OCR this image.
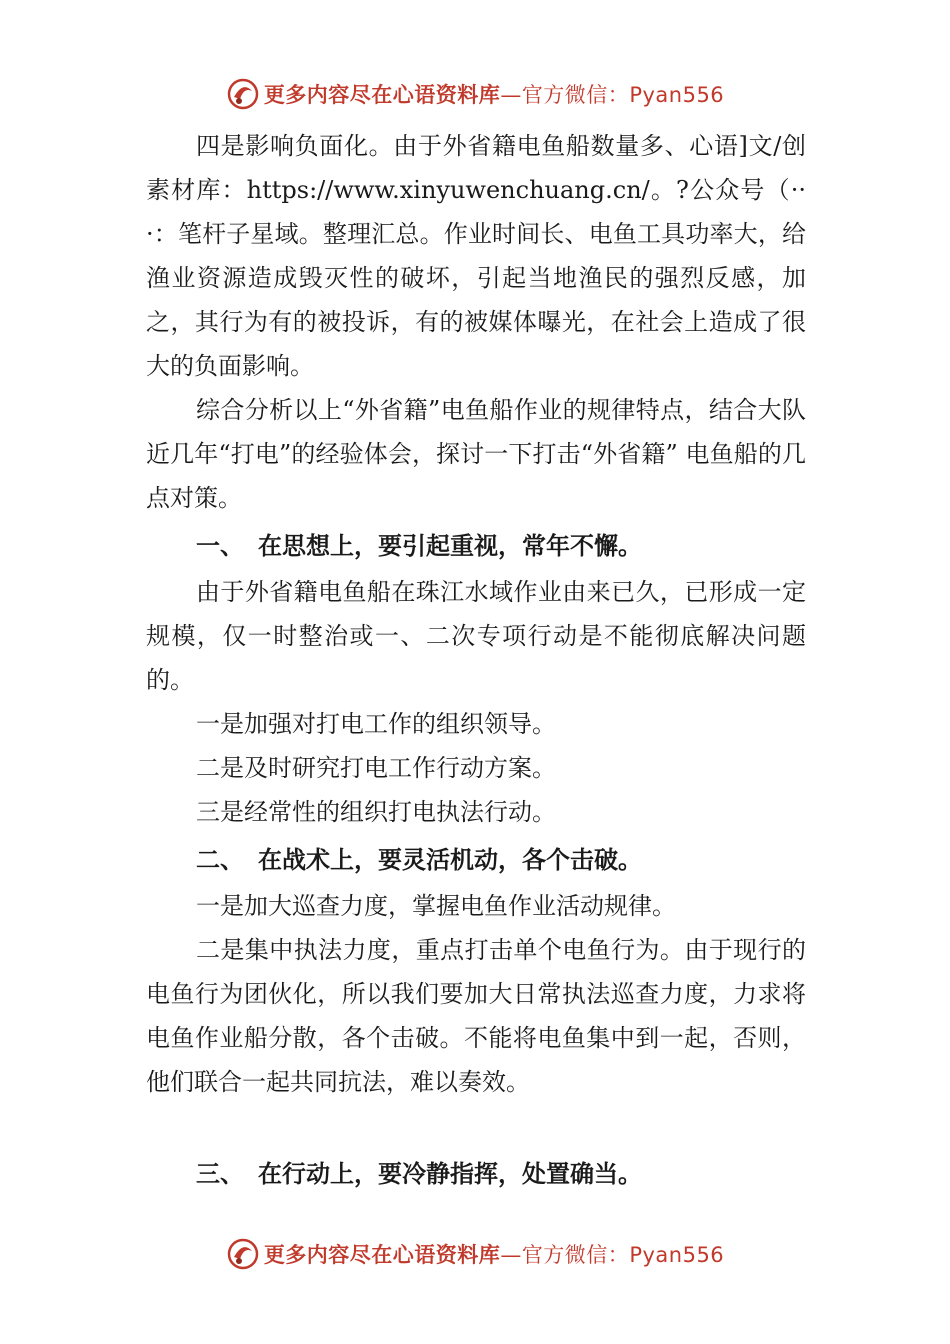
更多内容尽在心语资料库—官方微信：Pyan556

四是影响负面化。由于外省籍电鱼船数量多、心语]文/创素材库：https://www.xinyuwenchuang.cn/。?公众号（···：笔杆子星域。整理汇总。作业时间长、电鱼工具功率大，给渔业资源造成毁灭性的破坏，引起当地渔民的强烈反感，加之，其行为有的被投诉，有的被媒体曝光，在社会上造成了很大的负面影响。

综合分析以上“外省籍”电鱼船作业的规律特点，结合大队近几年“打电”的经验体会，探讨一下打击“外省籍” 电鱼船的几点对策。

一、 在思想上，要引起重视，常年不懈。

由于外省籍电鱼船在珠江水域作业由来已久，已形成一定规模，仅一时整治或一、二次专项行动是不能彻底解决问题的。

一是加强对打电工作的组织领导。

二是及时研究打电工作行动方案。

三是经常性的组织打电执法行动。

二、 在战术上，要灵活机动，各个击破。

一是加大巡查力度，掌握电鱼作业活动规律。

二是集中执法力度，重点打击单个电鱼行为。由于现行的电鱼行为团伙化，所以我们要加大日常执法巡查力度，力求将电鱼作业船分散，各个击破。不能将电鱼集中到一起，否则，他们联合一起共同抗法，难以奏效。

三、 在行动上，要冷静指挥，处置确当。
更多内容尽在心语资料库—官方微信：Pyan556
